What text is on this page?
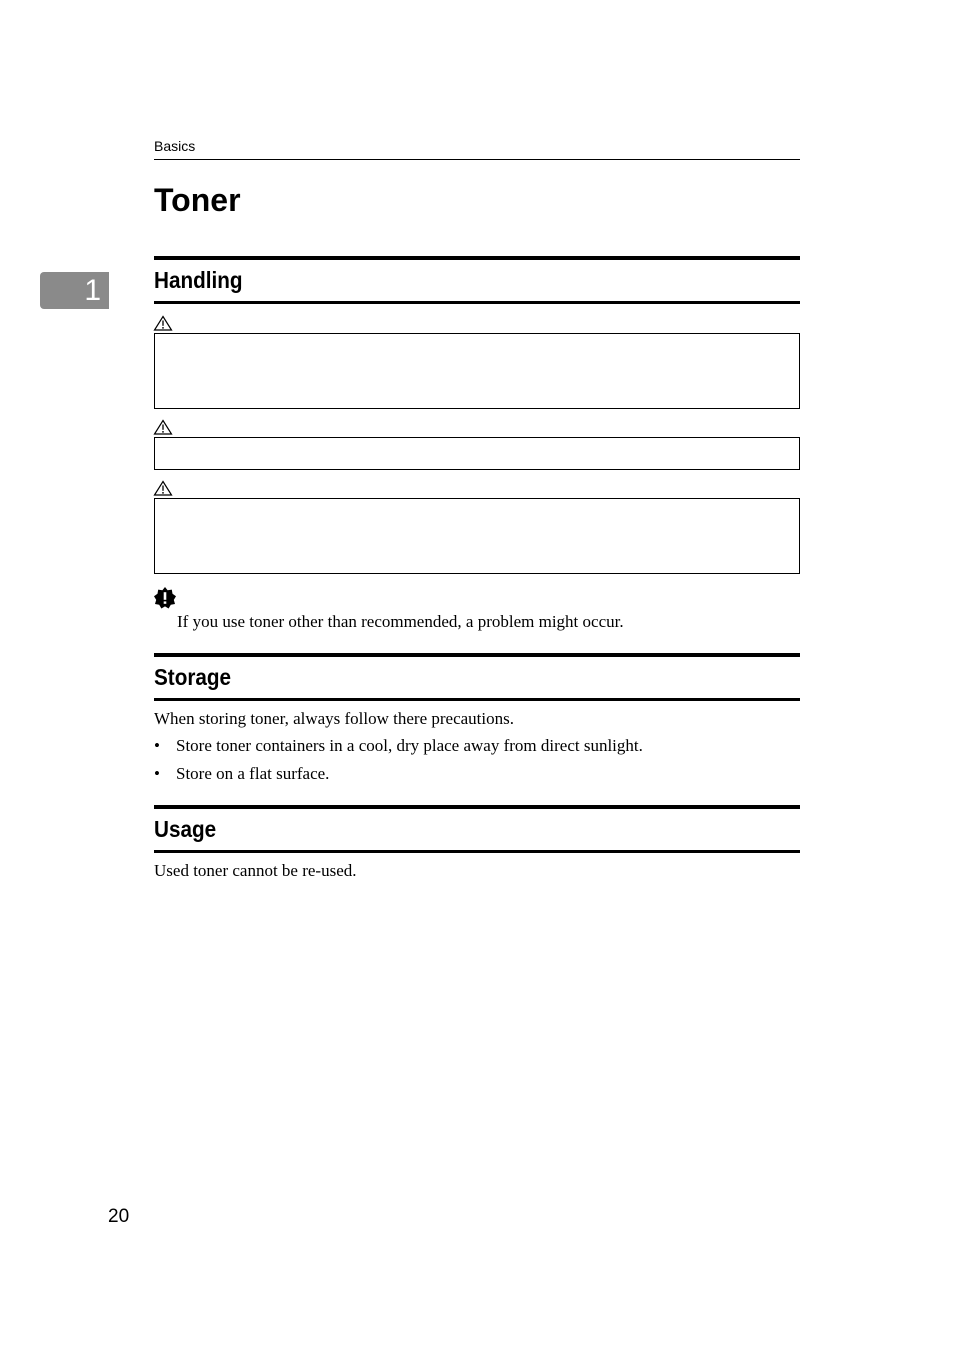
Basics
Toner
1 Handling
If you use toner other than recommended, a problem might occur.
Storage
When storing toner, always follow there precautions.
• Store toner containers in a cool, dry place away from direct sunlight.
• Store on a flat surface.
Usage
Used toner cannot be re-used.
20
